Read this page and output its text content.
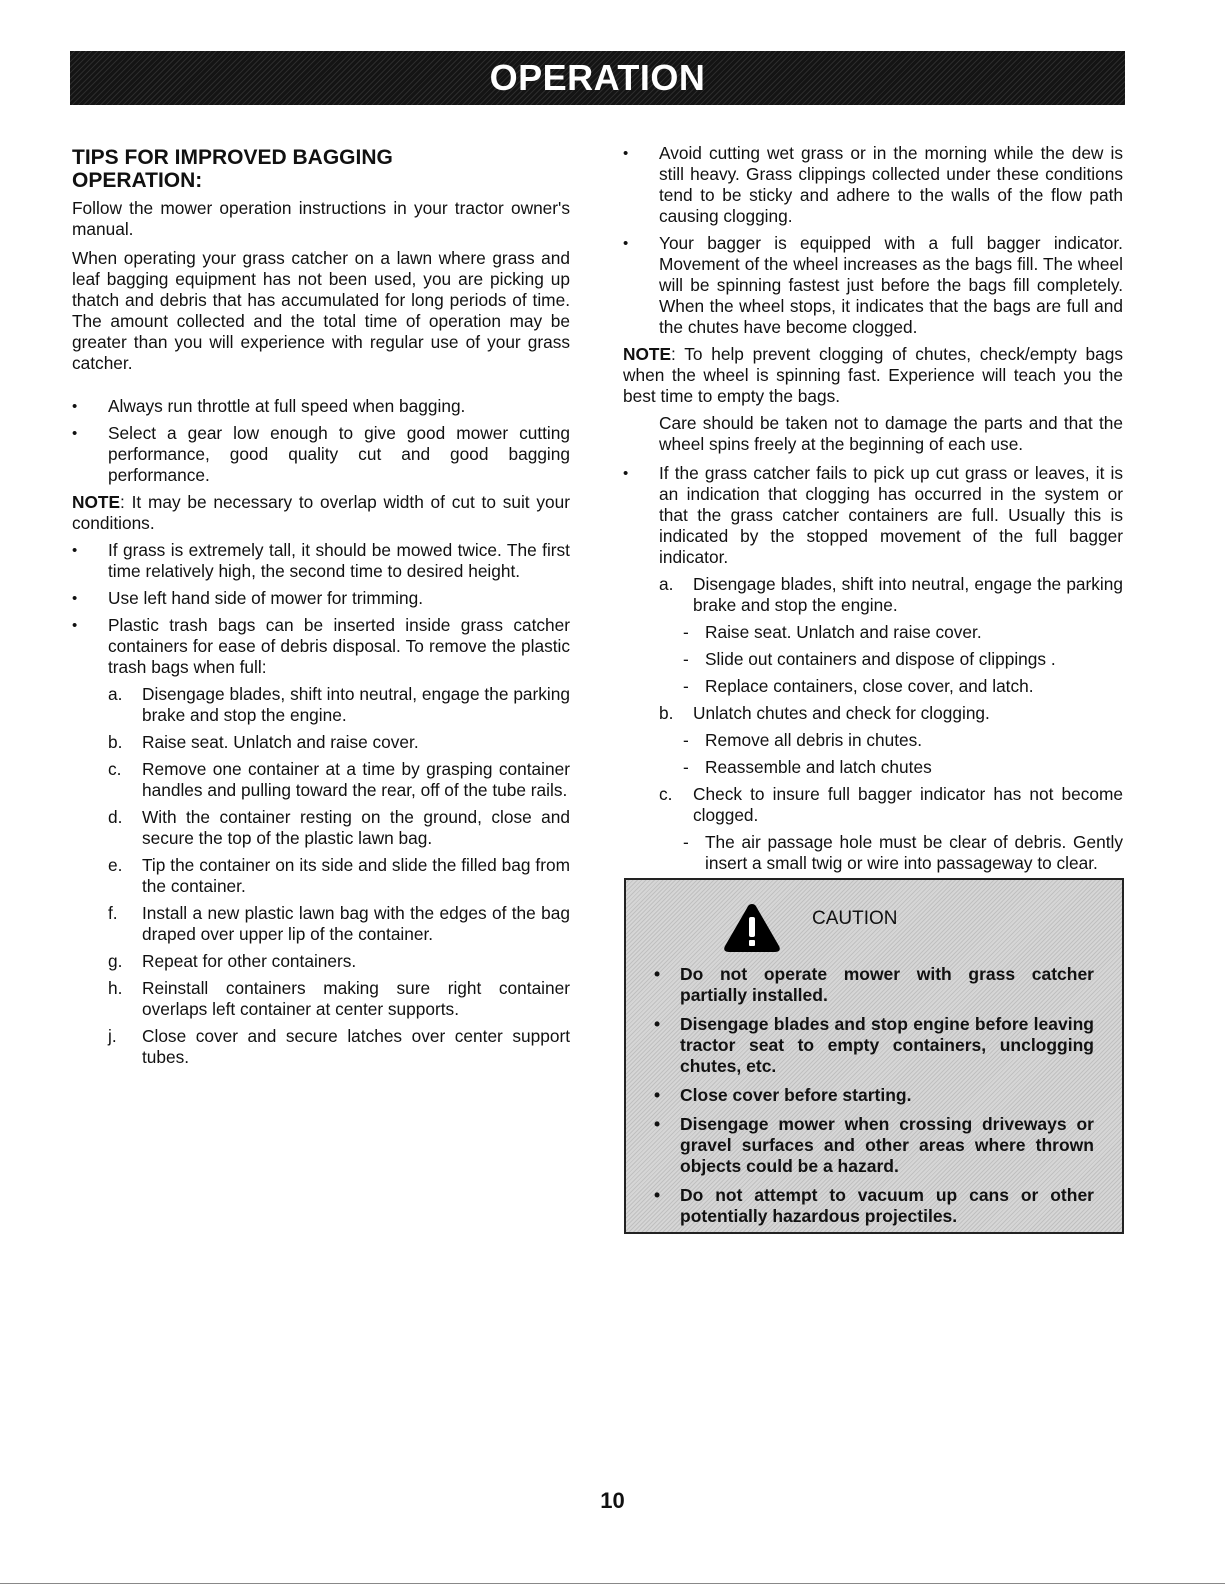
OPERATION
TIPS FOR IMPROVED BAGGING
OPERATION:

Follow the mower operation instructions in your tractor owner's manual.

When operating your grass catcher on a lawn where grass and leaf bagging equipment has not been used, you are picking up thatch and debris that has accumulated for long periods of time. The amount collected and the total time of operation may be greater than you will experience with regular use of your grass catcher.

•	Always run throttle at full speed when bagging.
•	Select a gear low enough to give good mower cutting performance, good quality cut and good bagging performance.
NOTE: It may be necessary to overlap width of cut to suit your conditions.
•	If grass is extremely tall, it should be mowed twice. The first time relatively high, the second time to desired height.
•	Use left hand side of mower for trimming.
•	Plastic trash bags can be inserted inside grass catcher containers for ease of debris disposal. To remove the plastic trash bags when full:
a.	Disengage blades, shift into neutral, engage the parking brake and stop the engine.
b.	Raise seat. Unlatch and raise cover.
c.	Remove one container at a time by grasping container handles and pulling toward the rear, off of the tube rails.
d.	With the container resting on the ground, close and secure the top of the plastic lawn bag.
e.	Tip the container on its side and slide the filled bag from the container.
f.	Install a new plastic lawn bag with the edges of the bag draped over upper lip of the container.
g.	Repeat for other containers.
h.	Reinstall containers making sure right container overlaps left container at center supports.
j.	Close cover and secure latches over center support tubes.
•	Avoid cutting wet grass or in the morning while the dew is still heavy. Grass clippings collected under these conditions tend to be sticky and adhere to the walls of the flow path causing clogging.
•	Your bagger is equipped with a full bagger indicator. Movement of the wheel increases as the bags fill. The wheel will be spinning fastest just before the bags fill completely. When the wheel stops, it indicates that the bags are full and the chutes have become clogged.
NOTE: To help prevent clogging of chutes, check/empty bags when the wheel is spinning fast. Experience will teach you the best time to empty the bags.

Care should be taken not to damage the parts and that the wheel spins freely at the beginning of each use.

•	If the grass catcher fails to pick up cut grass or leaves, it is an indication that clogging has occurred in the system or that the grass catcher containers are full. Usually this is indicated by the stopped movement of the full bagger indicator.
a.	Disengage blades, shift into neutral, engage the parking brake and stop the engine.
- Raise seat. Unlatch and raise cover.
- Slide out containers and dispose of clippings .
- Replace containers, close cover, and latch.
b.	Unlatch chutes and check for clogging.
- Remove all debris in chutes.
- Reassemble and latch chutes
c.	Check to insure full bagger indicator has not become clogged.
- The air passage hole must be clear of debris. Gently insert a small twig or wire into passageway to clear.
CAUTION
•	Do not operate mower with grass catcher partially installed.
•	Disengage blades and stop engine before leaving tractor seat to empty containers, unclogging chutes, etc.
•	Close cover before starting.
•	Disengage mower when crossing driveways or gravel surfaces and other areas where thrown objects could be a hazard.
•	Do not attempt to vacuum up cans or other potentially hazardous projectiles.
10
